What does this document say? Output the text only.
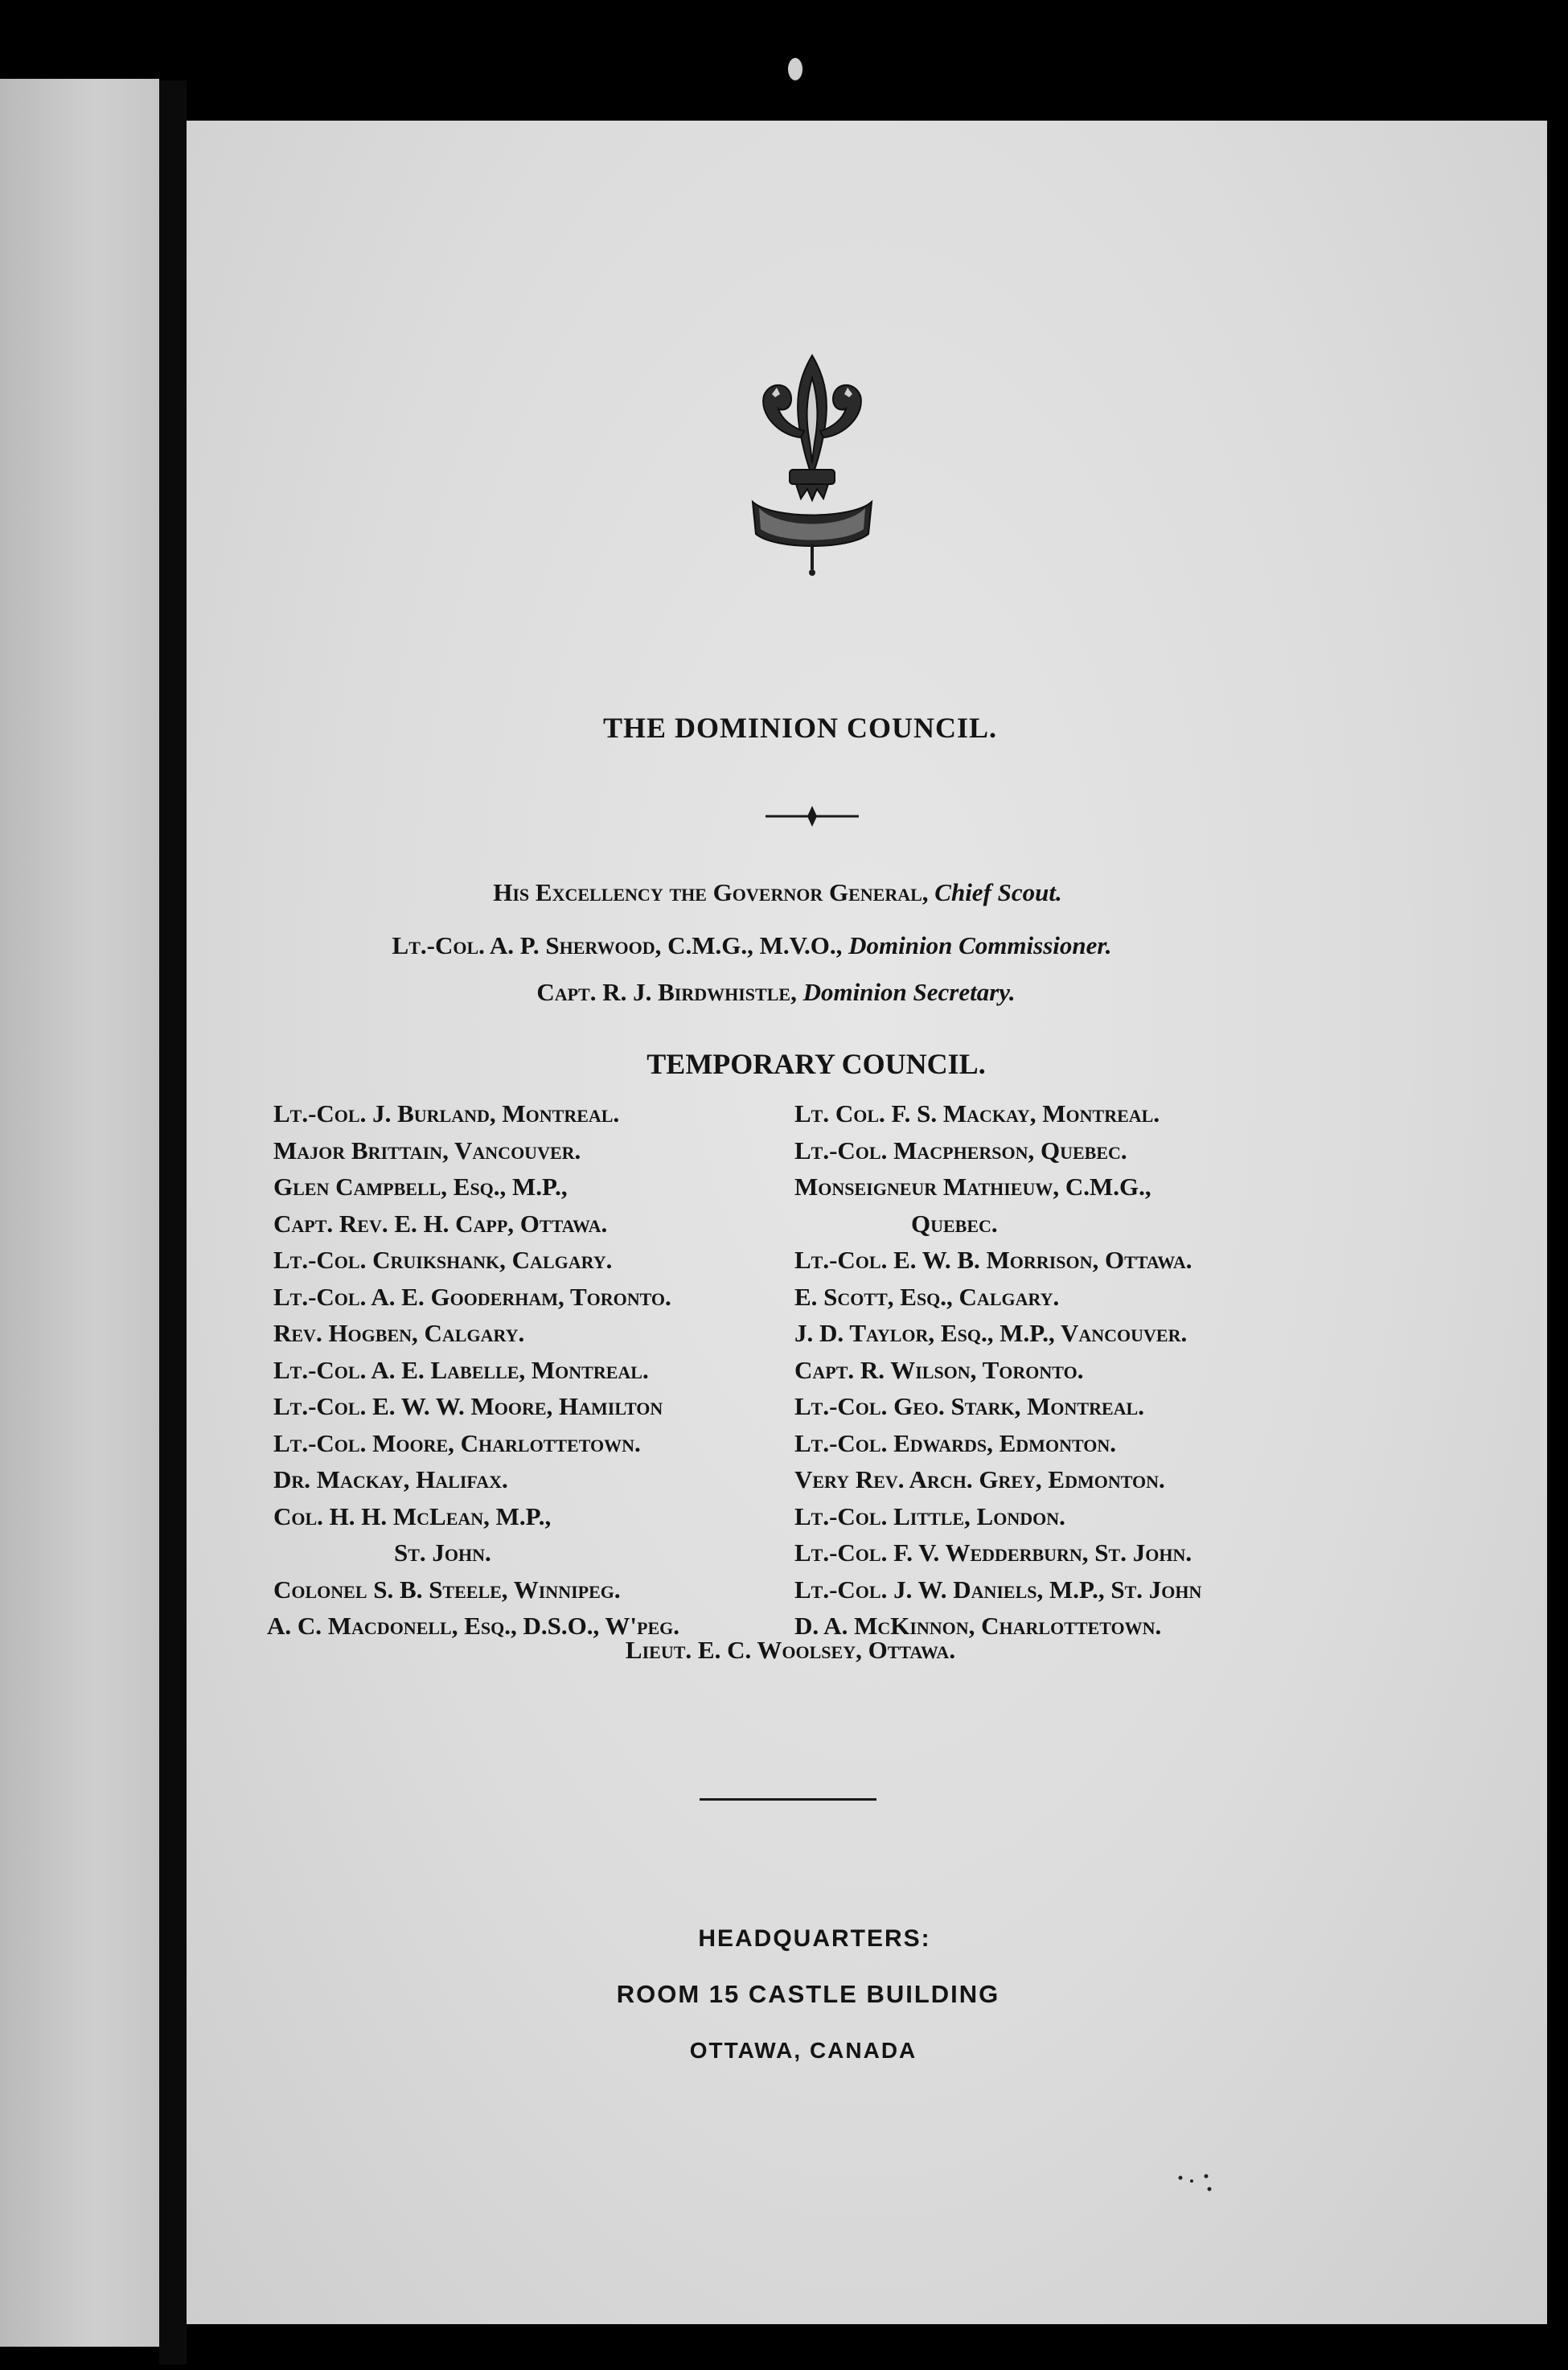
THE DOMINION COUNCIL.
His Excellency the Governor General, Chief Scout.
Lt.-Col. A. P. Sherwood, C.M.G., M.V.O., Dominion Commissioner.
Capt. R. J. Birdwhistle, Dominion Secretary.
TEMPORARY COUNCIL.
Lt.-Col. J. Burland, Montreal.
Major Brittain, Vancouver.
Glen Campbell, Esq., M.P.,
Capt. Rev. E. H. Capp, Ottawa.
Lt.-Col. Cruikshank, Calgary.
Lt.-Col. A. E. Gooderham, Toronto.
Rev. Hogben, Calgary.
Lt.-Col. A. E. Labelle, Montreal.
Lt.-Col. E. W. W. Moore, Hamilton
Lt.-Col. Moore, Charlottetown.
Dr. Mackay, Halifax.
Col. H. H. McLean, M.P.,
St. John.
Colonel S. B. Steele, Winnipeg.
A. C. Macdonell, Esq., D.S.O., W'peg.
Lt. Col. F. S. Mackay, Montreal.
Lt.-Col. Macpherson, Quebec.
Monseigneur Mathieuw, C.M.G.,
Quebec.
Lt.-Col. E. W. B. Morrison, Ottawa.
E. Scott, Esq., Calgary.
J. D. Taylor, Esq., M.P., Vancouver.
Capt. R. Wilson, Toronto.
Lt.-Col. Geo. Stark, Montreal.
Lt.-Col. Edwards, Edmonton.
Very Rev. Arch. Grey, Edmonton.
Lt.-Col. Little, London.
Lt.-Col. F. V. Wedderburn, St. John.
Lt.-Col. J. W. Daniels, M.P., St. John
D. A. McKinnon, Charlottetown.
Lieut. E. C. Woolsey, Ottawa.
HEADQUARTERS:
ROOM 15 CASTLE BUILDING
OTTAWA, CANADA
